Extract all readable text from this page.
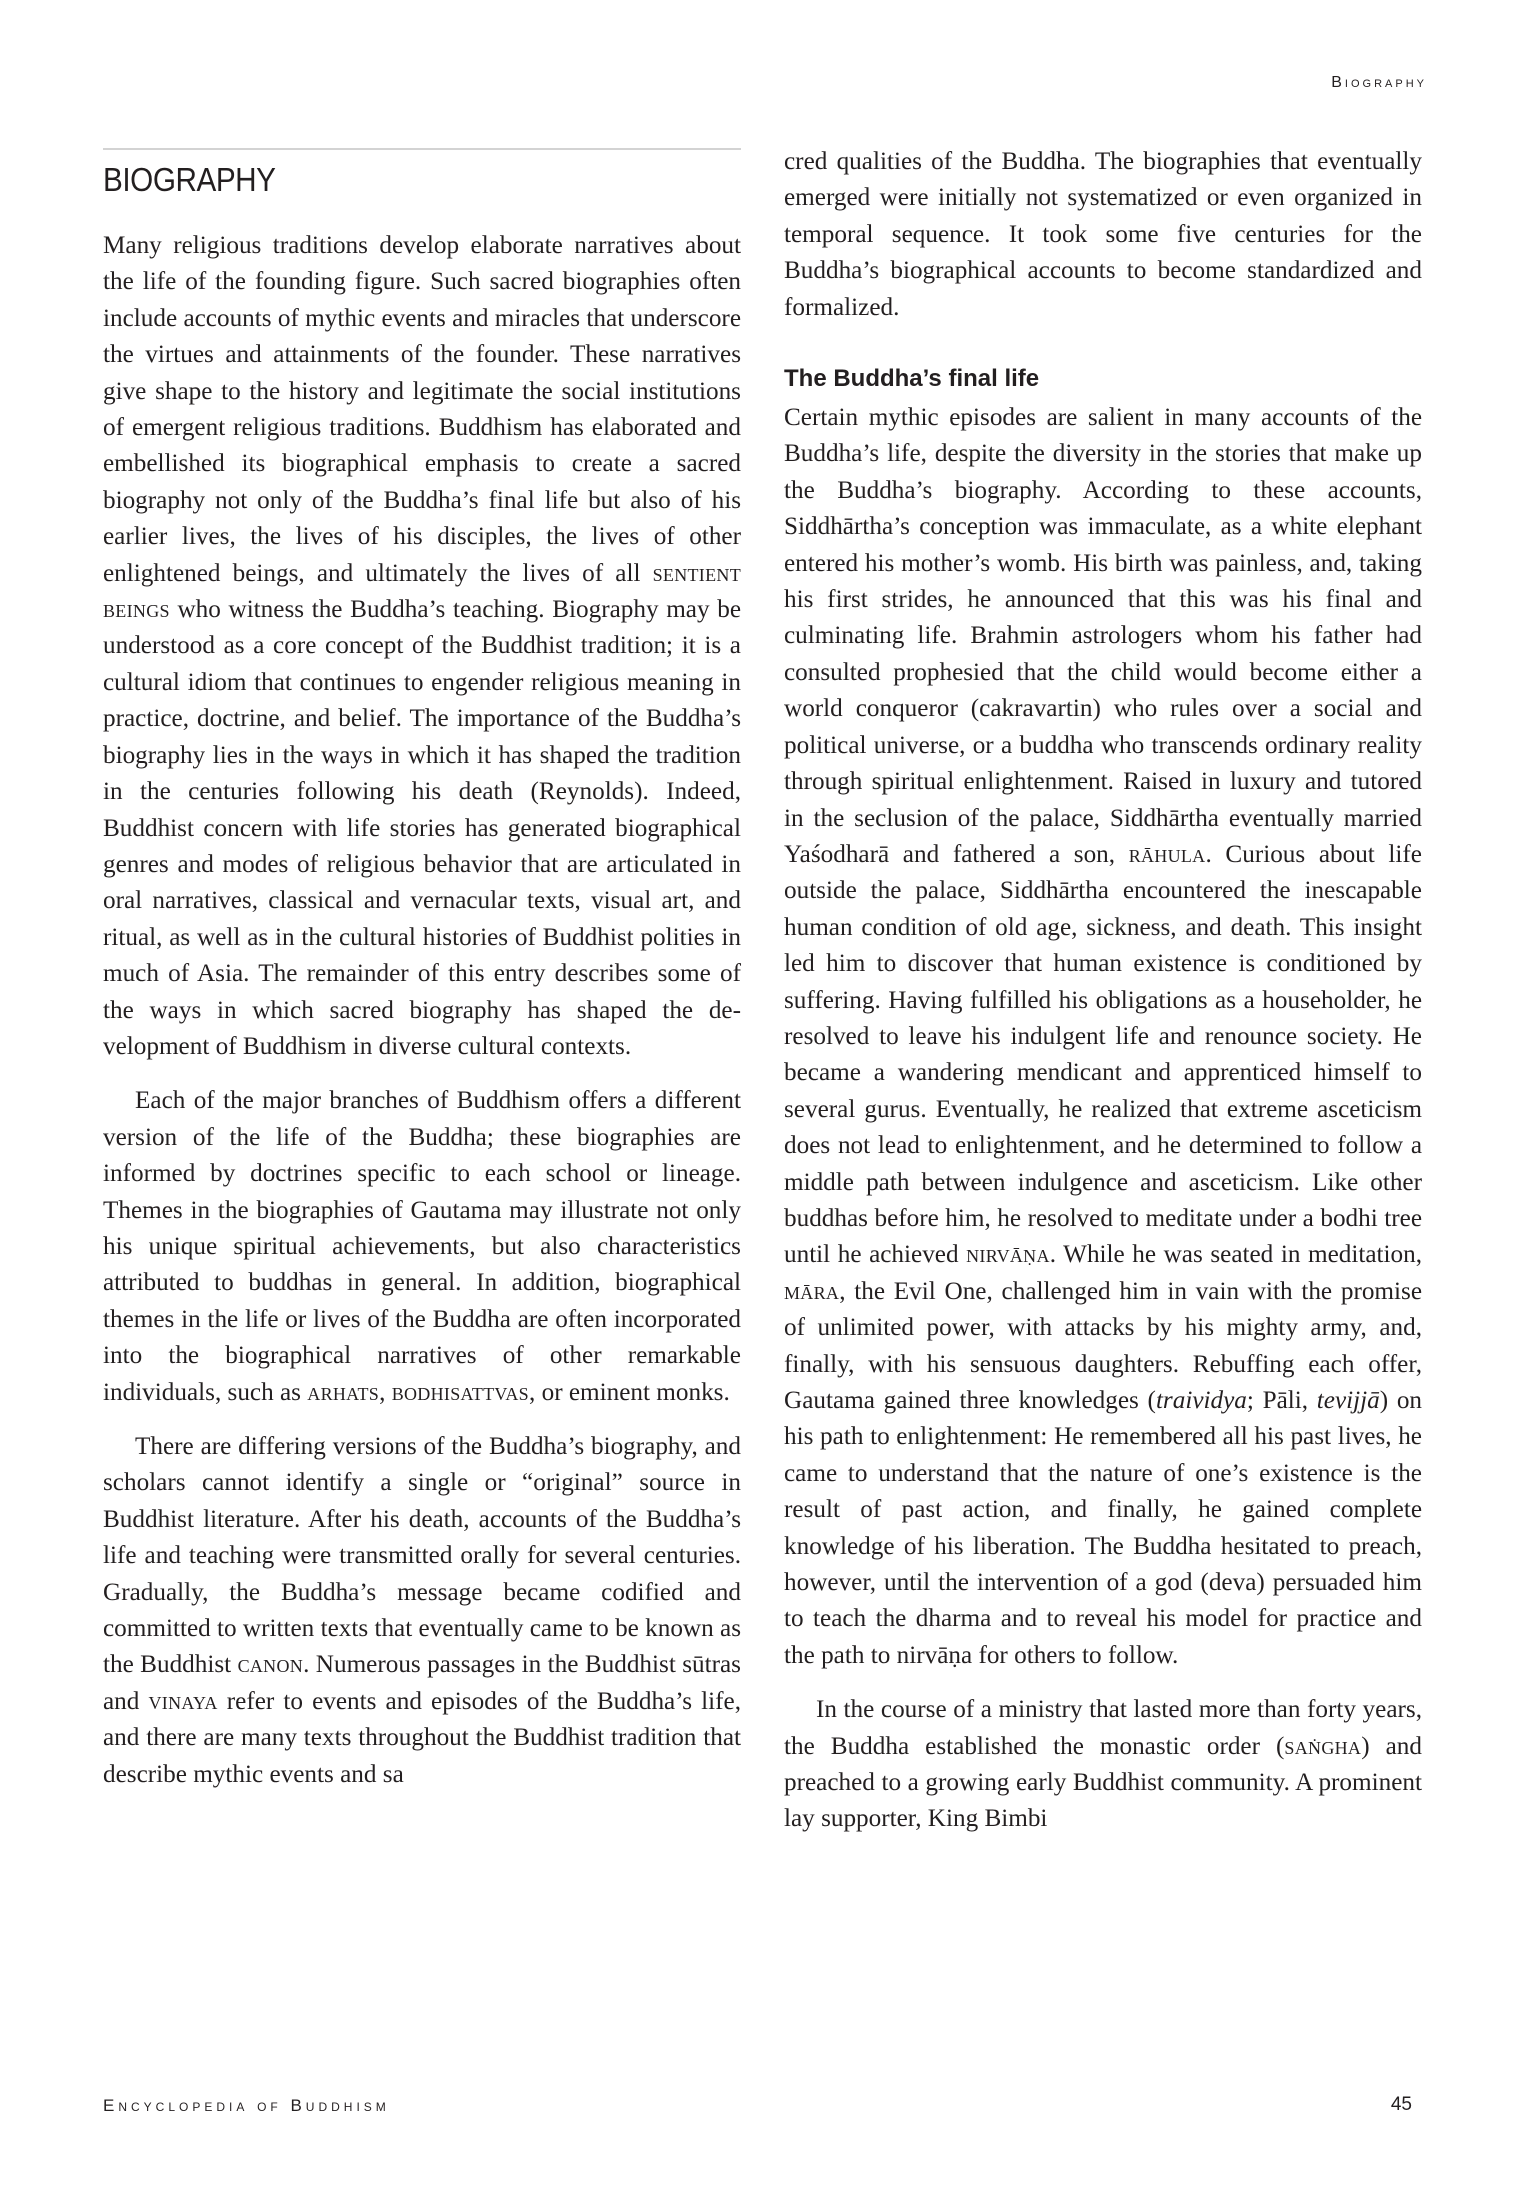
Biography
BIOGRAPHY

Many religious traditions develop elaborate narratives about the life of the founding figure. Such sacred biographies often include accounts of mythic events and miracles that underscore the virtues and attainments of the founder. These narratives give shape to the history and legitimate the social institutions of emergent religious traditions. Buddhism has elaborated and embellished its biographical emphasis to create a sacred biography not only of the Buddha’s final life but also of his earlier lives, the lives of his disciples, the lives of other enlightened beings, and ultimately the lives of all sentient beings who witness the Buddha’s teaching. Biography may be understood as a core concept of the Buddhist tradition; it is a cultural idiom that continues to engender religious meaning in practice, doctrine, and belief. The importance of the Buddha’s biography lies in the ways in which it has shaped the tradition in the centuries following his death (Reynolds). Indeed, Buddhist concern with life stories has generated biographical genres and modes of religious behavior that are articulated in oral narratives, classical and vernacular texts, visual art, and ritual, as well as in the cultural histories of Buddhist polities in much of Asia. The remainder of this entry describes some of the ways in which sacred biography has shaped the development of Buddhism in diverse cultural contexts.

Each of the major branches of Buddhism offers a different version of the life of the Buddha; these biographies are informed by doctrines specific to each school or lineage. Themes in the biographies of Gautama may illustrate not only his unique spiritual achievements, but also characteristics attributed to buddhas in general. In addition, biographical themes in the life or lives of the Buddha are often incorporated into the biographical narratives of other remarkable individuals, such as arhats, bodhisattvas, or eminent monks.

There are differing versions of the Buddha’s biography, and scholars cannot identify a single or “original” source in Buddhist literature. After his death, accounts of the Buddha’s life and teaching were transmitted orally for several centuries. Gradually, the Buddha’s message became codified and committed to written texts that eventually came to be known as the Buddhist canon. Numerous passages in the Buddhist sūtras and vinaya refer to events and episodes of the Buddha’s life, and there are many texts throughout the Buddhist tradition that describe mythic events and sa

cred qualities of the Buddha. The biographies that eventually emerged were initially not systematized or even organized in temporal sequence. It took some five centuries for the Buddha’s biographical accounts to become standardized and formalized.

The Buddha’s final life

Certain mythic episodes are salient in many accounts of the Buddha’s life, despite the diversity in the stories that make up the Buddha’s biography. According to these accounts, Siddhārtha’s conception was immaculate, as a white elephant entered his mother’s womb. His birth was painless, and, taking his first strides, he announced that this was his final and culminating life. Brahmin astrologers whom his father had consulted prophesied that the child would become either a world conqueror (cakravartin) who rules over a social and political universe, or a buddha who transcends ordinary reality through spiritual enlightenment. Raised in luxury and tutored in the seclusion of the palace, Siddhārtha eventually married Yaśodharā and fathered a son, rāhula. Curious about life outside the palace, Siddhārtha encountered the inescapable human condition of old age, sickness, and death. This insight led him to discover that human existence is conditioned by suffering. Having fulfilled his obligations as a householder, he resolved to leave his indulgent life and renounce society. He became a wandering mendicant and apprenticed himself to several gurus. Eventually, he realized that extreme asceticism does not lead to enlightenment, and he determined to follow a middle path between indulgence and asceticism. Like other buddhas before him, he resolved to meditate under a bodhi tree until he achieved nirvāṇa. While he was seated in meditation, māra, the Evil One, challenged him in vain with the promise of unlimited power, with attacks by his mighty army, and, finally, with his sensuous daughters. Rebuffing each offer, Gautama gained three knowledges (traividya; Pāli, tevijjā) on his path to enlightenment: He remembered all his past lives, he came to understand that the nature of one’s existence is the result of past action, and finally, he gained complete knowledge of his liberation. The Buddha hesitated to preach, however, until the intervention of a god (deva) persuaded him to teach the dharma and to reveal his model for practice and the path to nirvāṇa for others to follow.

In the course of a ministry that lasted more than forty years, the Buddha established the monastic order (saṅgha) and preached to a growing early Buddhist community. A prominent lay supporter, King Bimbi

Encyclopedia of Buddhism	45
